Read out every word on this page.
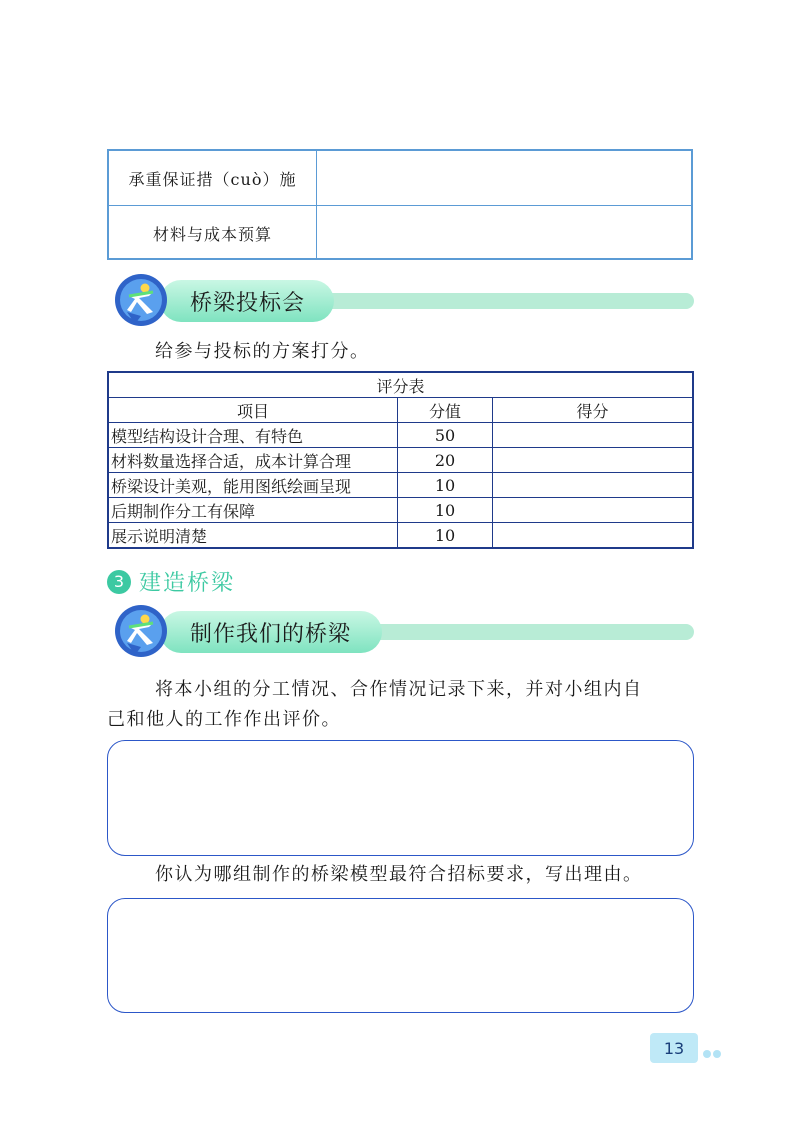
承重保证措（cuò）施
材料与成本预算
桥梁投标会
给参与投标的方案打分。
评分表		
项目	分值	得分
模型结构设计合理、有特色	50	
材料数量选择合适，成本计算合理	20	
桥梁设计美观，能用图纸绘画呈现	10	
后期制作分工有保障	10	
展示说明清楚	10	
3 建造桥梁
制作我们的桥梁
将本小组的分工情况、合作情况记录下来，并对小组内自
己和他人的工作作出评价。
你认为哪组制作的桥梁模型最符合招标要求，写出理由。
13
